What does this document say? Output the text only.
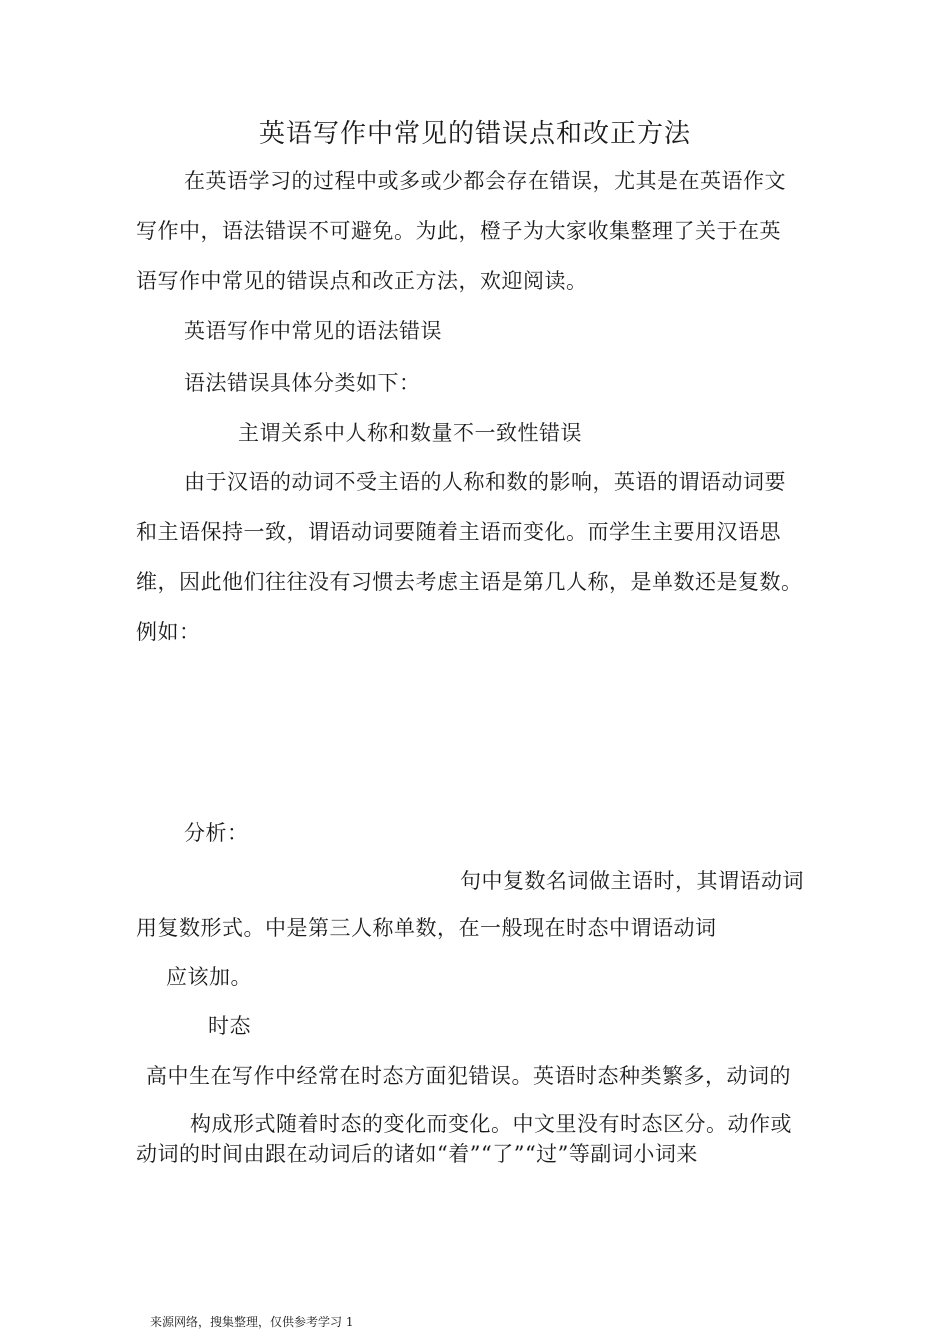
英语写作中常见的错误点和改正方法
在英语学习的过程中或多或少都会存在错误，尤其是在英语作文
写作中，语法错误不可避免。为此，橙子为大家收集整理了关于在英
语写作中常见的错误点和改正方法，欢迎阅读。
英语写作中常见的语法错误
语法错误具体分类如下：
主谓关系中人称和数量不一致性错误
由于汉语的动词不受主语的人称和数的影响，英语的谓语动词要
和主语保持一致，谓语动词要随着主语而变化。而学生主要用汉语思
维，因此他们往往没有习惯去考虑主语是第几人称，是单数还是复数。
例如：
分析：
句中复数名词做主语时，其谓语动词
用复数形式。中是第三人称单数，在一般现在时态中谓语动词
应该加。
时态
高中生在写作中经常在时态方面犯错误。英语时态种类繁多，动词的
构成形式随着时态的变化而变化。中文里没有时态区分。动作或
动词的时间由跟在动词后的诸如“着”“了”“过”等副词小词来
来源网络，搜集整理，仅供参考学习 1
